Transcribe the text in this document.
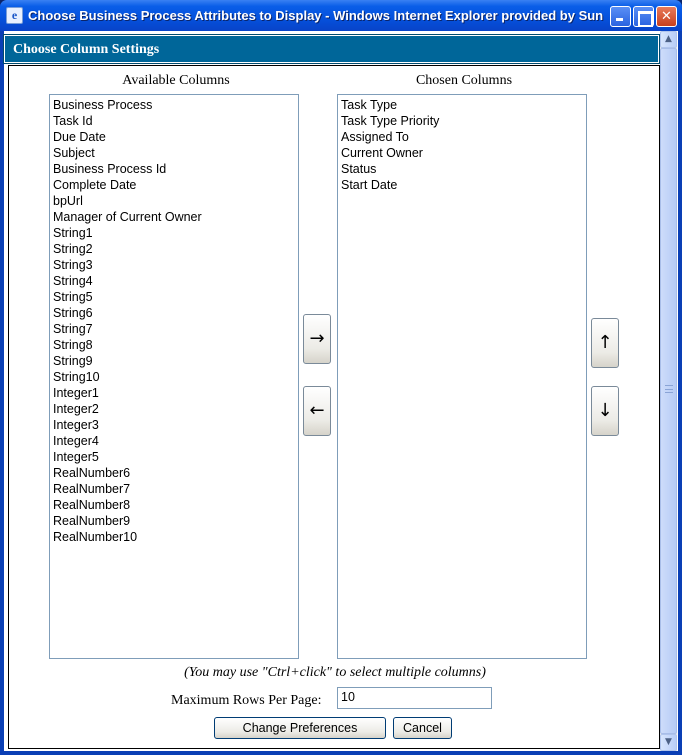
e Choose Business Process Attributes to Display - Windows Internet Explorer provided by Sun	✕
Choose Column Settings
Available Columns	Chosen Columns
Business Process
Task Id
Due Date
Subject
Business Process Id
Complete Date
bpUrl
Manager of Current Owner
String1
String2
String3
String4
String5
String6
String7
String8
String9
String10
Integer1
Integer2
Integer3
Integer4
Integer5
RealNumber6
RealNumber7
RealNumber8
RealNumber9
RealNumber10
Task Type
Task Type Priority
Assigned To
Current Owner
Status
Start Date
→
←
↑
↓
(You may use "Ctrl+click" to select multiple columns)
Maximum Rows Per Page:	10
Change Preferences	Cancel
▲
▼
